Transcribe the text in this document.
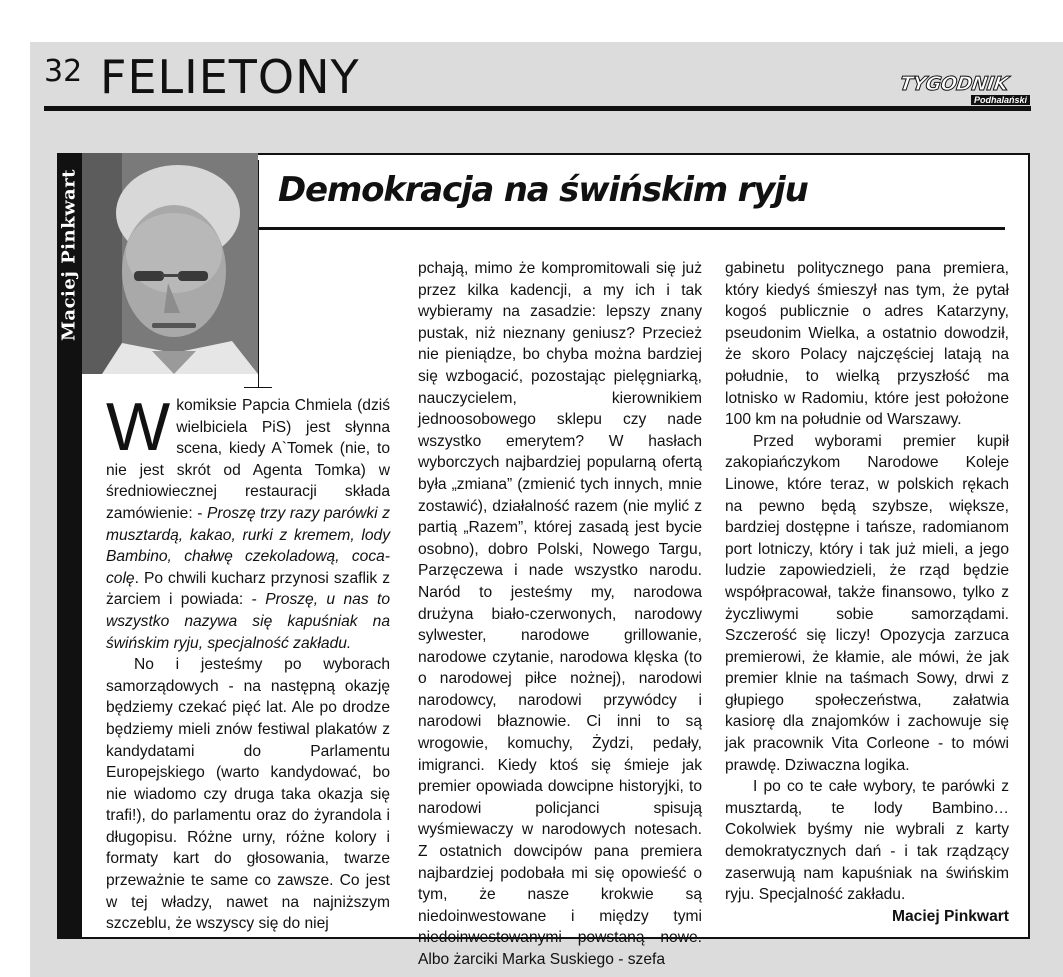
32 FELIETONY	TYGODNIK
Podhalański
Maciej Pinkwart	Demokracja na świńskim ryju

W komiksie Papcia Chmiela (dziś wielbiciela PiS) jest słynna scena, kiedy A`Tomek (nie, to nie jest skrót od Agenta Tomka) w średniowiecznej restauracji składa zamówienie: - Proszę trzy razy parówki z musztardą, kakao, rurki z kremem, lody Bambino, chałwę czekoladową, coca-colę. Po chwili kucharz przynosi szaflik z żarciem i powiada: - Proszę, u nas to wszystko nazywa się kapuśniak na świńskim ryju, specjalność zakładu.

No i jesteśmy po wyborach samorządowych - na następną okazję będziemy czekać pięć lat. Ale po drodze będziemy mieli znów festiwal plakatów z kandydatami do Parlamentu Europejskiego (warto kandydować, bo nie wiadomo czy druga taka okazja się trafi!), do parlamentu oraz do żyrandola i długopisu. Różne urny, różne kolory i formaty kart do głosowania, twarze przeważnie te same co zawsze. Co jest w tej władzy, nawet na najniższym szczeblu, że wszyscy się do niej

pchają, mimo że kompromitowali się już przez kilka kadencji, a my ich i tak wybieramy na zasadzie: lepszy znany pustak, niż nieznany geniusz? Przecież nie pieniądze, bo chyba można bardziej się wzbogacić, pozostając pielęgniarką, nauczycielem, kierownikiem jednoosobowego sklepu czy nade wszystko emerytem? W hasłach wyborczych najbardziej popularną ofertą była „zmiana” (zmienić tych innych, mnie zostawić), działalność razem (nie mylić z partią „Razem”, której zasadą jest bycie osobno), dobro Polski, Nowego Targu, Parzęczewa i nade wszystko narodu. Naród to jesteśmy my, narodowa drużyna biało-czerwonych, narodowy sylwester, narodowe grillowanie, narodowe czytanie, narodowa klęska (to o narodowej piłce nożnej), narodowi narodowcy, narodowi przywódcy i narodowi błaznowie. Ci inni to są wrogowie, komuchy, Żydzi, pedały, imigranci. Kiedy ktoś się śmieje jak premier opowiada dowcipne historyjki, to narodowi policjanci spisują wyśmiewaczy w narodowych notesach. Z ostatnich dowcipów pana premiera najbardziej podobała mi się opowieść o tym, że nasze krokwie są niedoinwestowane i między tymi niedoinwestowanymi powstaną nowe. Albo żarciki Marka Suskiego - szefa

gabinetu politycznego pana premiera, który kiedyś śmieszył nas tym, że pytał kogoś publicznie o adres Katarzyny, pseudonim Wielka, a ostatnio dowodził, że skoro Polacy najczęściej latają na południe, to wielką przyszłość ma lotnisko w Radomiu, które jest położone 100 km na południe od Warszawy.

Przed wyborami premier kupił zakopiańczykom Narodowe Koleje Linowe, które teraz, w polskich rękach na pewno będą szybsze, większe, bardziej dostępne i tańsze, radomianom port lotniczy, który i tak już mieli, a jego ludzie zapowiedzieli, że rząd będzie współpracował, także finansowo, tylko z życzliwymi sobie samorządami. Szczerość się liczy! Opozycja zarzuca premierowi, że kłamie, ale mówi, że jak premier klnie na taśmach Sowy, drwi z głupiego społeczeństwa, załatwia kasiorę dla znajomków i zachowuje się jak pracownik Vita Corleone - to mówi prawdę. Dziwaczna logika.

I po co te całe wybory, te parówki z musztardą, te lody Bambino… Cokolwiek byśmy nie wybrali z karty demokratycznych dań - i tak rządzący zaserwują nam kapuśniak na świńskim ryju. Specjalność zakładu.

Maciej Pinkwart
